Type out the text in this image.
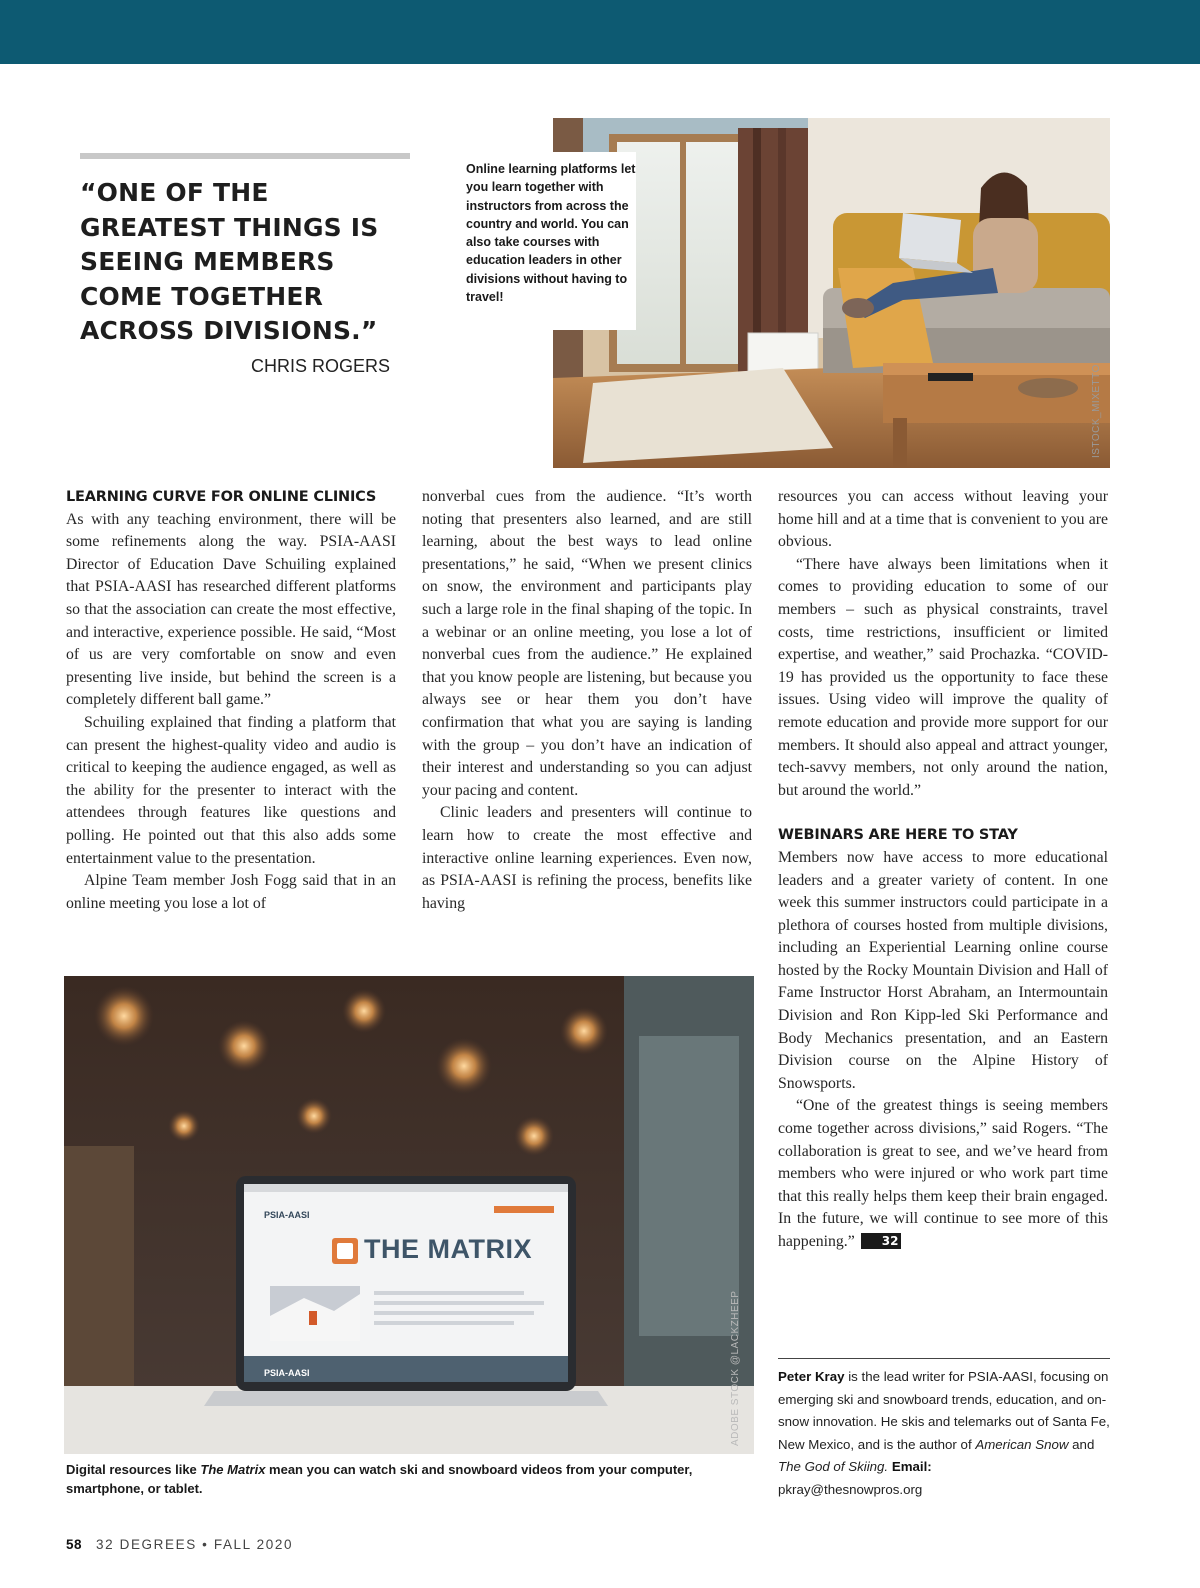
“ONE OF THE GREATEST THINGS IS SEEING MEMBERS COME TOGETHER ACROSS DIVISIONS.”
CHRIS ROGERS	ISTOCK_MIXETTO
Online learning platforms let you learn together with instructors from across the country and world. You can also take courses with education leaders in other divisions without having to travel!
LEARNING CURVE FOR ONLINE CLINICS

As with any teaching environment, there will be some refinements along the way. PSIA-AASI Director of Education Dave Schuiling explained that PSIA-AASI has researched different platforms so that the association can create the most effective, and interactive, experience possible. He said, “Most of us are very comfortable on snow and even presenting live inside, but behind the screen is a completely different ball game.”

Schuiling explained that finding a platform that can present the highest-quality video and audio is critical to keeping the audience engaged, as well as the ability for the presenter to interact with the attendees through features like questions and polling. He pointed out that this also adds some entertainment value to the presentation.

Alpine Team member Josh Fogg said that in an online meeting you lose a lot of

nonverbal cues from the audience. “It’s worth noting that presenters also learned, and are still learning, about the best ways to lead online presentations,” he said, “When we present clinics on snow, the environment and participants play such a large role in the final shaping of the topic. In a webinar or an online meeting, you lose a lot of nonverbal cues from the audience.” He explained that you know people are listening, but because you always see or hear them you don’t have confirmation that what you are saying is landing with the group – you don’t have an indication of their interest and understanding so you can adjust your pacing and content.

Clinic leaders and presenters will continue to learn how to create the most effective and interactive online learning experiences. Even now, as PSIA-AASI is refining the process, benefits like having

resources you can access without leaving your home hill and at a time that is convenient to you are obvious.

“There have always been limitations when it comes to providing education to some of our members – such as physical constraints, travel costs, time restrictions, insufficient or limited expertise, and weather,” said Prochazka. “COVID-19 has provided us the opportunity to face these issues. Using video will improve the quality of remote education and provide more support for our members. It should also appeal and attract younger, tech-savvy members, not only around the nation, but around the world.”

WEBINARS ARE HERE TO STAY

Members now have access to more educational leaders and a greater variety of content. In one week this summer instructors could participate in a plethora of courses hosted from multiple divisions, including an Experiential Learning online course hosted by the Rocky Mountain Division and Hall of Fame Instructor Horst Abraham, an Intermountain Division and Ron Kipp-led Ski Performance and Body Mechanics presentation, and an Eastern Division course on the Alpine History of Snowsports.

“One of the greatest things is seeing members come together across divisions,” said Rogers. “The collaboration is great to see, and we’ve heard from members who were injured or who work part time that this really helps them keep their brain engaged. In the future, we will continue to see more of this happening.” 32

PSIA-AASI
THE MATRIX
PSIA-AASI	ADOBE STOCK @LACKZHEEP
Digital resources like The Matrix mean you can watch ski and snowboard videos from your computer, smartphone, or tablet.
Peter Kray is the lead writer for PSIA-AASI, focusing on emerging ski and snowboard trends, education, and on-snow innovation. He skis and telemarks out of Santa Fe, New Mexico, and is the author of American Snow and The God of Skiing. Email:
pkray@thesnowpros.org
58 32 DEGREES • FALL 2020
